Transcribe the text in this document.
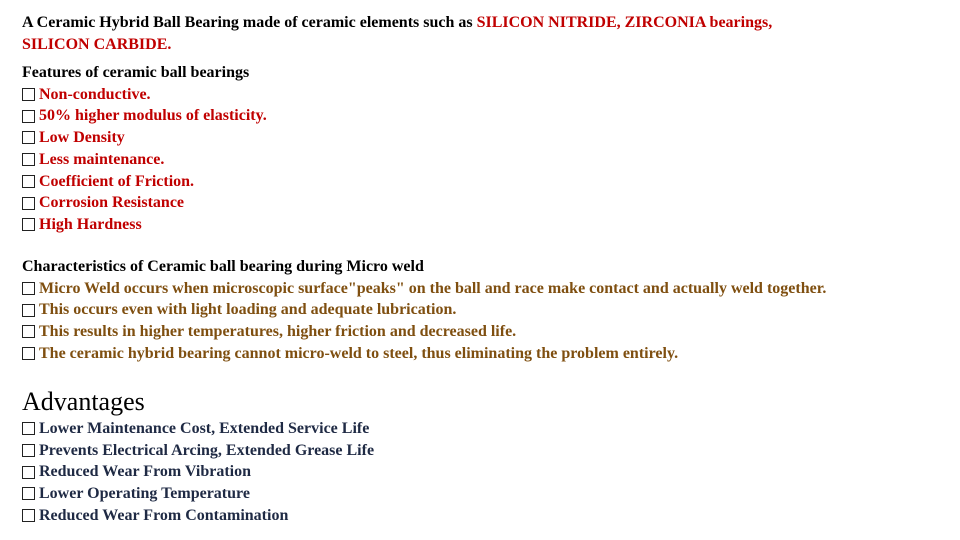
A Ceramic Hybrid Ball Bearing made of ceramic elements such as SILICON NITRIDE, ZIRCONIA bearings,
SILICON CARBIDE.
Features of ceramic ball bearings
Non-conductive.
50% higher modulus of elasticity.
Low Density
Less maintenance.
Coefficient of Friction.
Corrosion Resistance
High Hardness
Characteristics of Ceramic ball bearing during Micro weld
Micro Weld occurs when microscopic surface"peaks" on the ball and race make contact and actually weld together.
This occurs even with light loading and adequate lubrication.
This results in higher temperatures, higher friction and decreased life.
The ceramic hybrid bearing cannot micro-weld to steel, thus eliminating the problem entirely.
Advantages
Lower Maintenance Cost, Extended Service Life
Prevents Electrical Arcing, Extended Grease Life
Reduced Wear From Vibration
Lower Operating Temperature
Reduced Wear From Contamination
